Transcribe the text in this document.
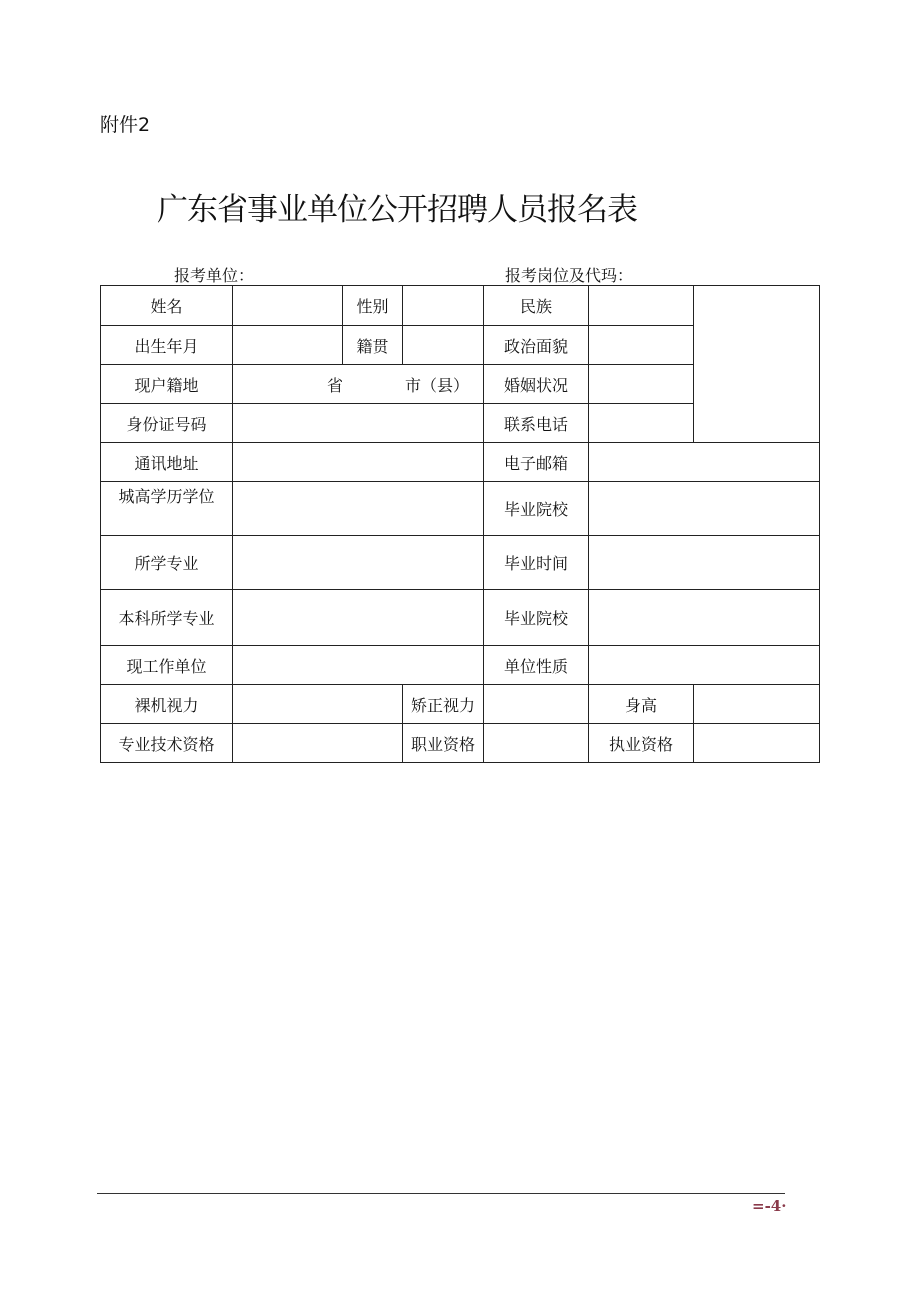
附件2
广东省事业单位公开招聘人员报名表
报考单位：	报考岗位及代玛：
姓名		性别		民族		
出生年月		籍贯		政治面貌		
现户籍地	省 市（县）			婚姻状况		
身份证号码				联系电话		
通讯地址				电子邮箱		
城高学历学位				毕业院校		
所学专业				毕业时间		
本科所学专业				毕业院校		
现工作单位				单位性质		
裸机视力			矫正视力		身高	
专业技术资格			职业资格		执业资格	
=-4·
